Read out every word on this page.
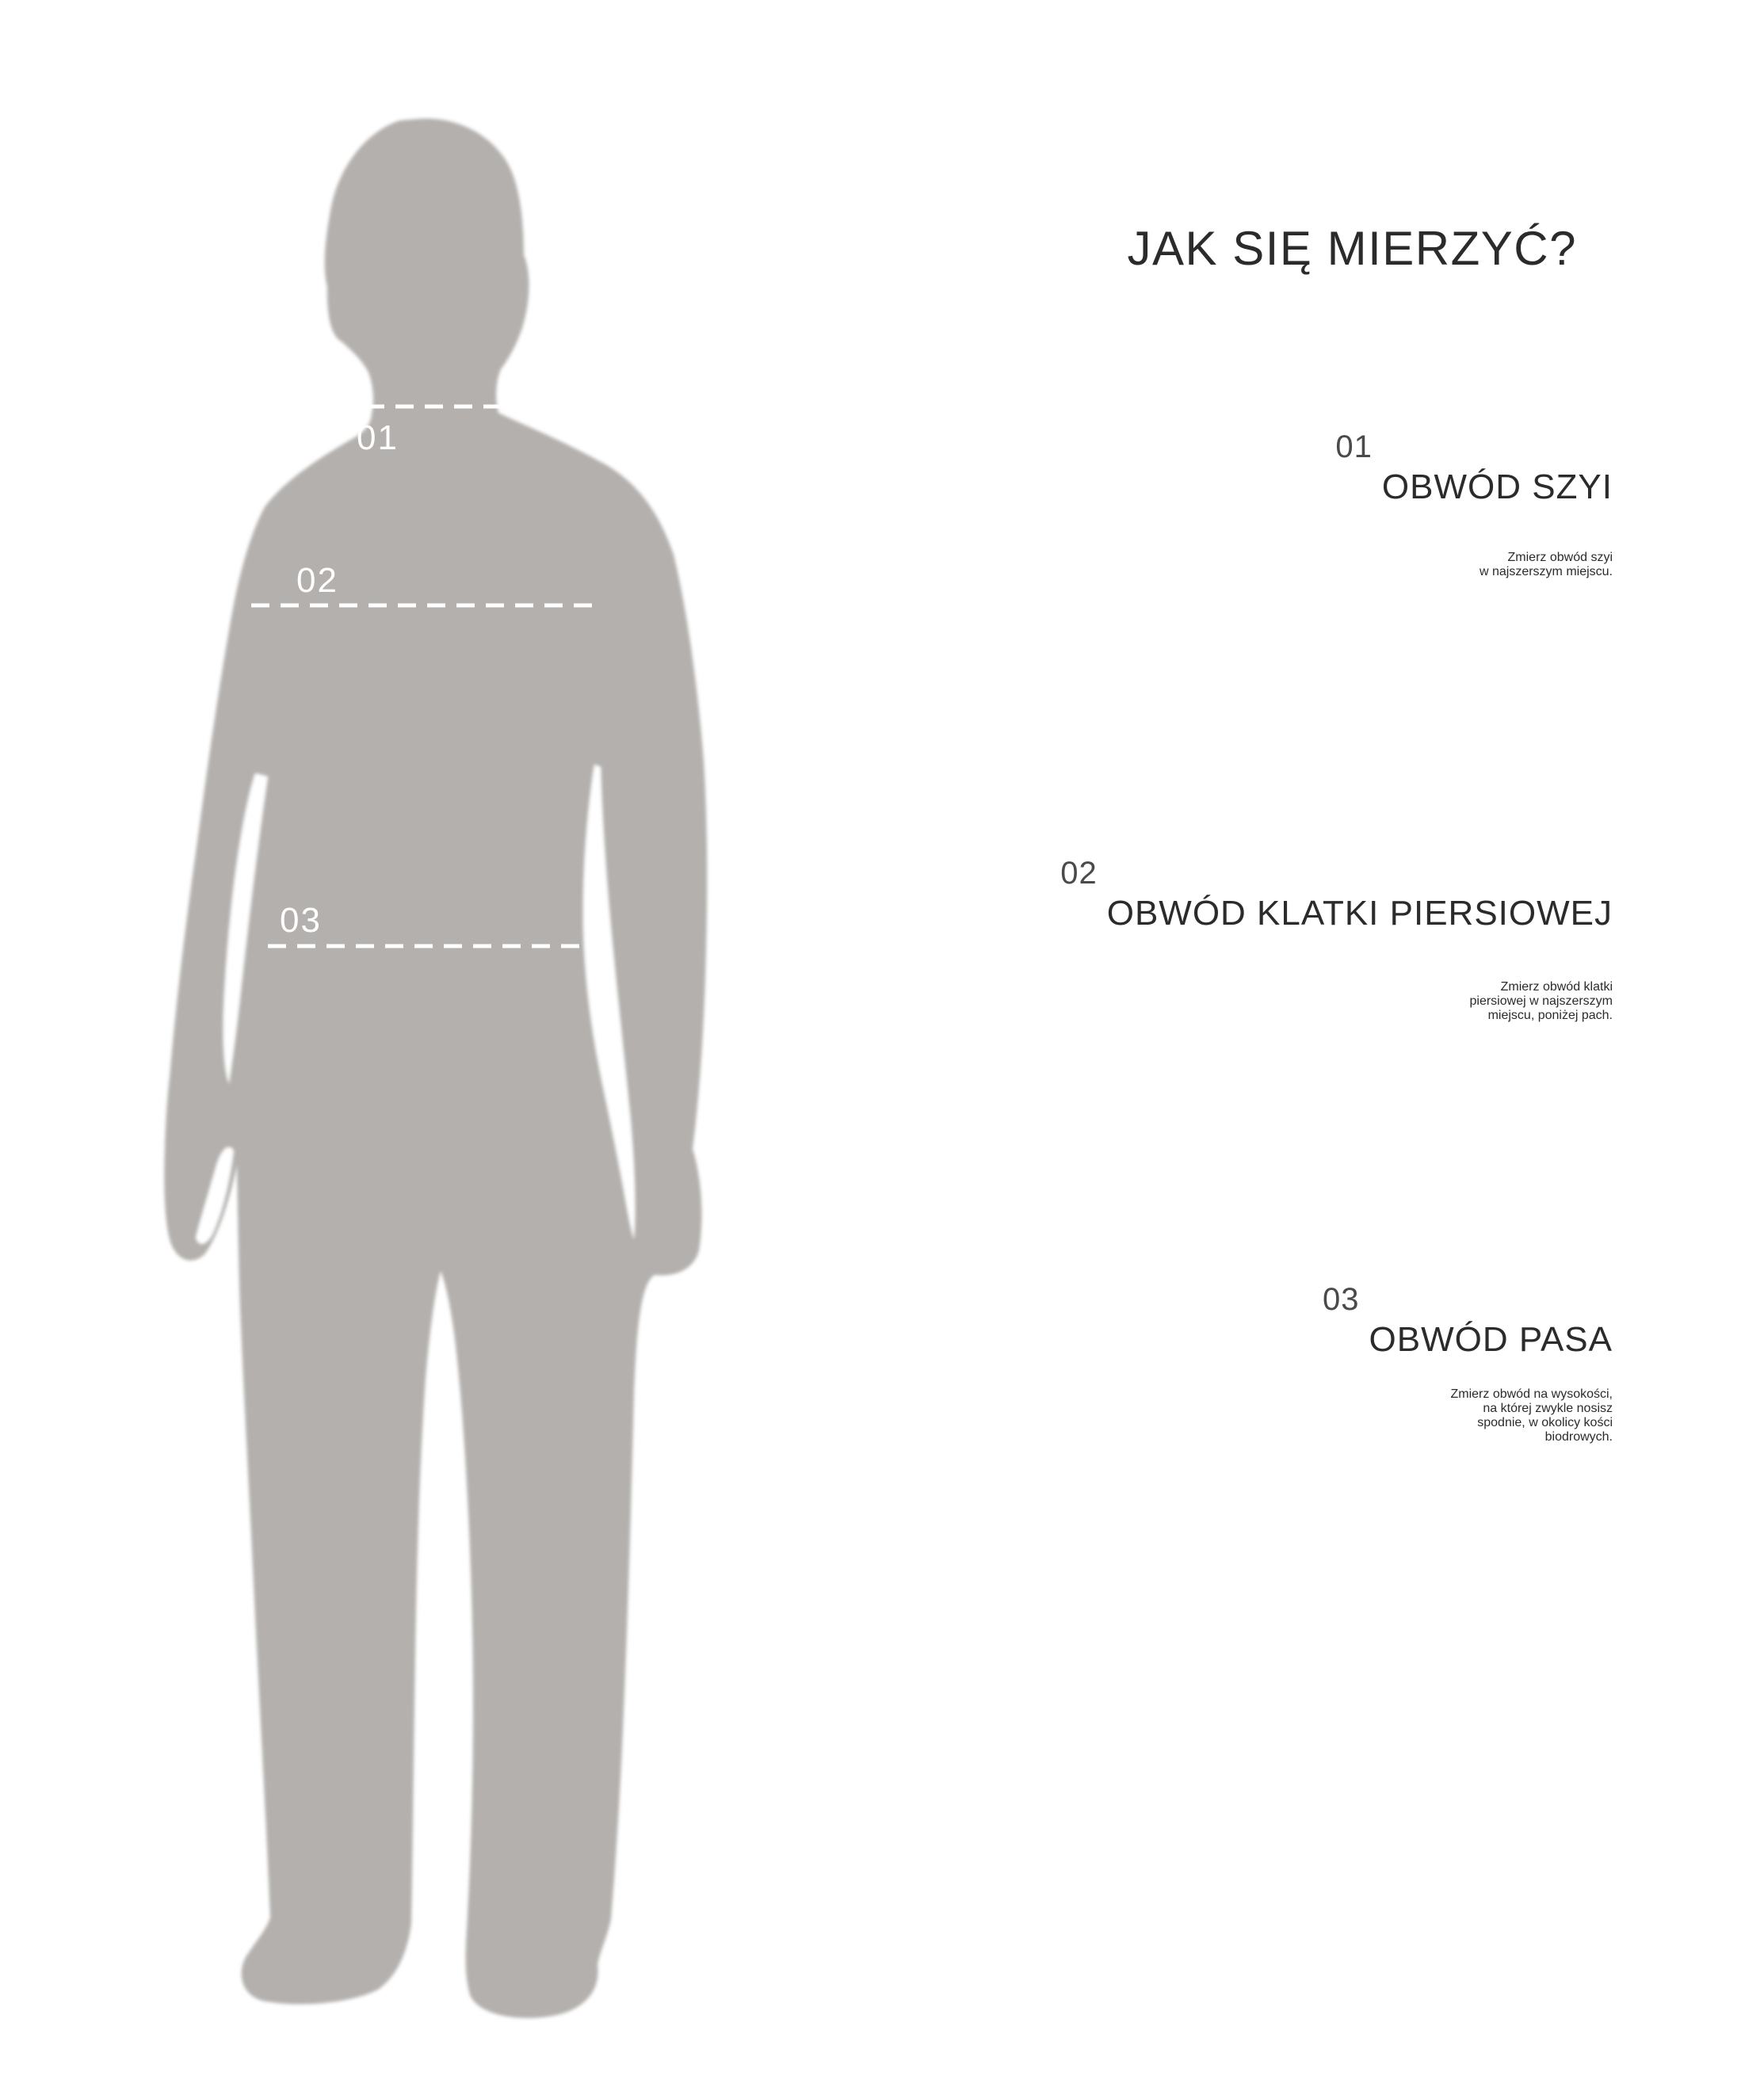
01
02
03
JAK SIĘ MIERZYĆ?
01
OBWÓD SZYI

Zmierz obwód szyi
w najszerszym miejscu.

02
OBWÓD KLATKI PIERSIOWEJ

Zmierz obwód klatki
piersiowej w najszerszym
miejscu, poniżej pach.

03
OBWÓD PASA

Zmierz obwód na wysokości,
na której zwykle nosisz
spodnie, w okolicy kości
biodrowych.
